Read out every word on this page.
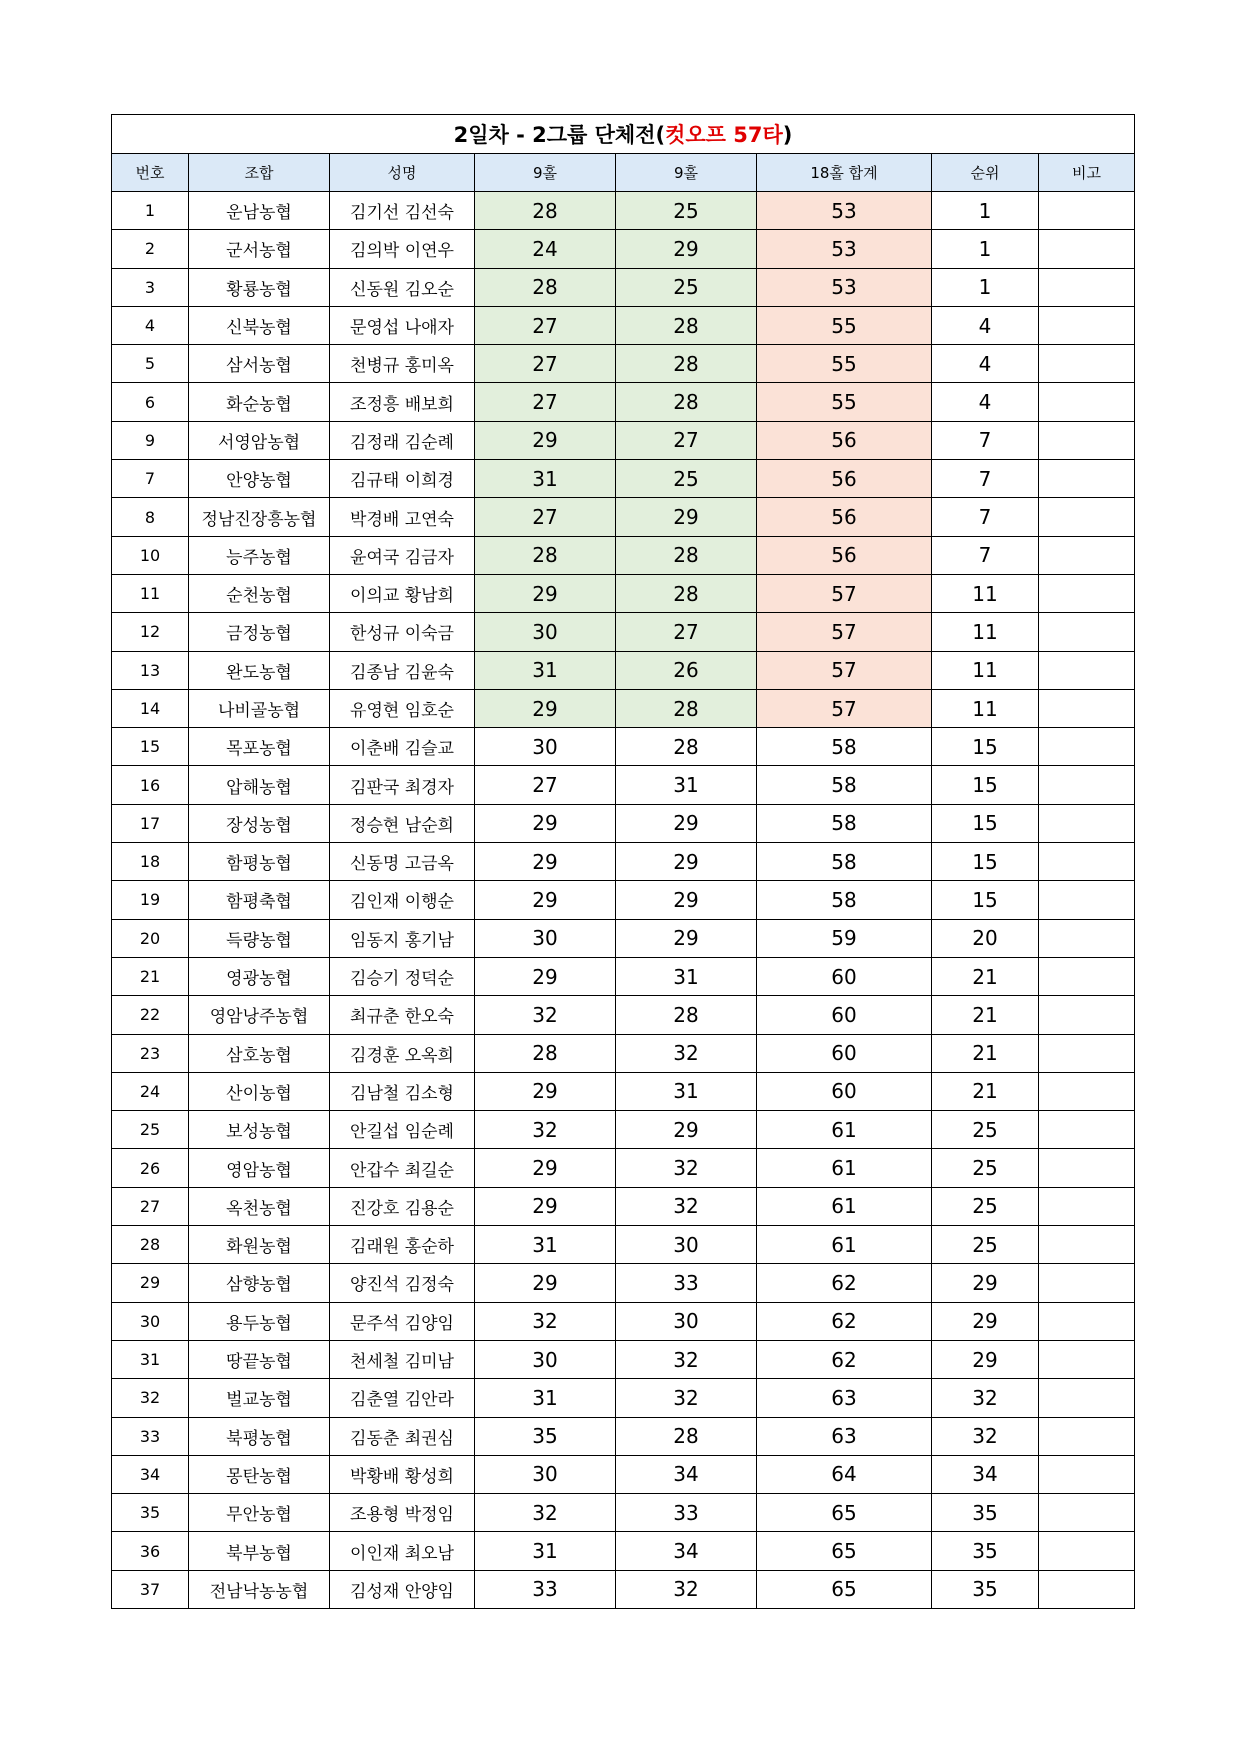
2일차 - 2그룹 단체전(컷오프 57타)							
번호	조합	성명	9홀	9홀	18홀 합계	순위	비고
1	운남농협	김기선 김선숙	28	25	53	1	
2	군서농협	김의박 이연우	24	29	53	1	
3	황룡농협	신동원 김오순	28	25	53	1	
4	신북농협	문영섭 나애자	27	28	55	4	
5	삼서농협	천병규 홍미옥	27	28	55	4	
6	화순농협	조정흥 배보희	27	28	55	4	
9	서영암농협	김정래 김순례	29	27	56	7	
7	안양농협	김규태 이희경	31	25	56	7	
8	정남진장흥농협	박경배 고연숙	27	29	56	7	
10	능주농협	윤여국 김금자	28	28	56	7	
11	순천농협	이의교 황남희	29	28	57	11	
12	금정농협	한성규 이숙금	30	27	57	11	
13	완도농협	김종남 김윤숙	31	26	57	11	
14	나비골농협	유영현 임호순	29	28	57	11	
15	목포농협	이춘배 김슬교	30	28	58	15	
16	압해농협	김판국 최경자	27	31	58	15	
17	장성농협	정승현 남순희	29	29	58	15	
18	함평농협	신동명 고금옥	29	29	58	15	
19	함평축협	김인재 이행순	29	29	58	15	
20	득량농협	임동지 홍기남	30	29	59	20	
21	영광농협	김승기 정덕순	29	31	60	21	
22	영암낭주농협	최규춘 한오숙	32	28	60	21	
23	삼호농협	김경훈 오옥희	28	32	60	21	
24	산이농협	김남철 김소형	29	31	60	21	
25	보성농협	안길섭 임순례	32	29	61	25	
26	영암농협	안갑수 최길순	29	32	61	25	
27	옥천농협	진강호 김용순	29	32	61	25	
28	화원농협	김래원 홍순하	31	30	61	25	
29	삼향농협	양진석 김정숙	29	33	62	29	
30	용두농협	문주석 김양임	32	30	62	29	
31	땅끝농협	천세철 김미남	30	32	62	29	
32	벌교농협	김춘열 김안라	31	32	63	32	
33	북평농협	김동춘 최권심	35	28	63	32	
34	몽탄농협	박황배 황성희	30	34	64	34	
35	무안농협	조용형 박정임	32	33	65	35	
36	북부농협	이인재 최오남	31	34	65	35	
37	전남낙농농협	김성재 안양임	33	32	65	35	
